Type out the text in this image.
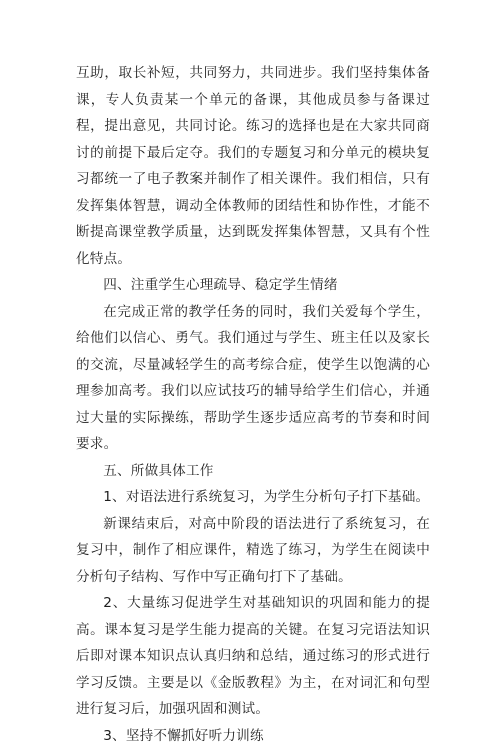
互助，取长补短，共同努力，共同进步。我们坚持集体备课，专人负责某一个单元的备课，其他成员参与备课过程，提出意见，共同讨论。练习的选择也是在大家共同商讨的前提下最后定夺。我们的专题复习和分单元的模块复习都统一了电子教案并制作了相关课件。我们相信，只有发挥集体智慧，调动全体教师的团结性和协作性，才能不断提高课堂教学质量，达到既发挥集体智慧，又具有个性化特点。

四、注重学生心理疏导、稳定学生情绪

在完成正常的教学任务的同时，我们关爱每个学生，给他们以信心、勇气。我们通过与学生、班主任以及家长的交流，尽量减轻学生的高考综合症，使学生以饱满的心理参加高考。我们以应试技巧的辅导给学生们信心，并通过大量的实际操练，帮助学生逐步适应高考的节奏和时间要求。

五、所做具体工作

1、对语法进行系统复习，为学生分析句子打下基础。

新课结束后，对高中阶段的语法进行了系统复习，在复习中，制作了相应课件，精选了练习，为学生在阅读中分析句子结构、写作中写正确句打下了基础。

2、大量练习促进学生对基础知识的巩固和能力的提高。课本复习是学生能力提高的关键。在复习完语法知识后即对课本知识点认真归纳和总结，通过练习的形式进行学习反馈。主要是以《金版教程》为主，在对词汇和句型进行复习后，加强巩固和测试。

3、坚持不懈抓好听力训练
